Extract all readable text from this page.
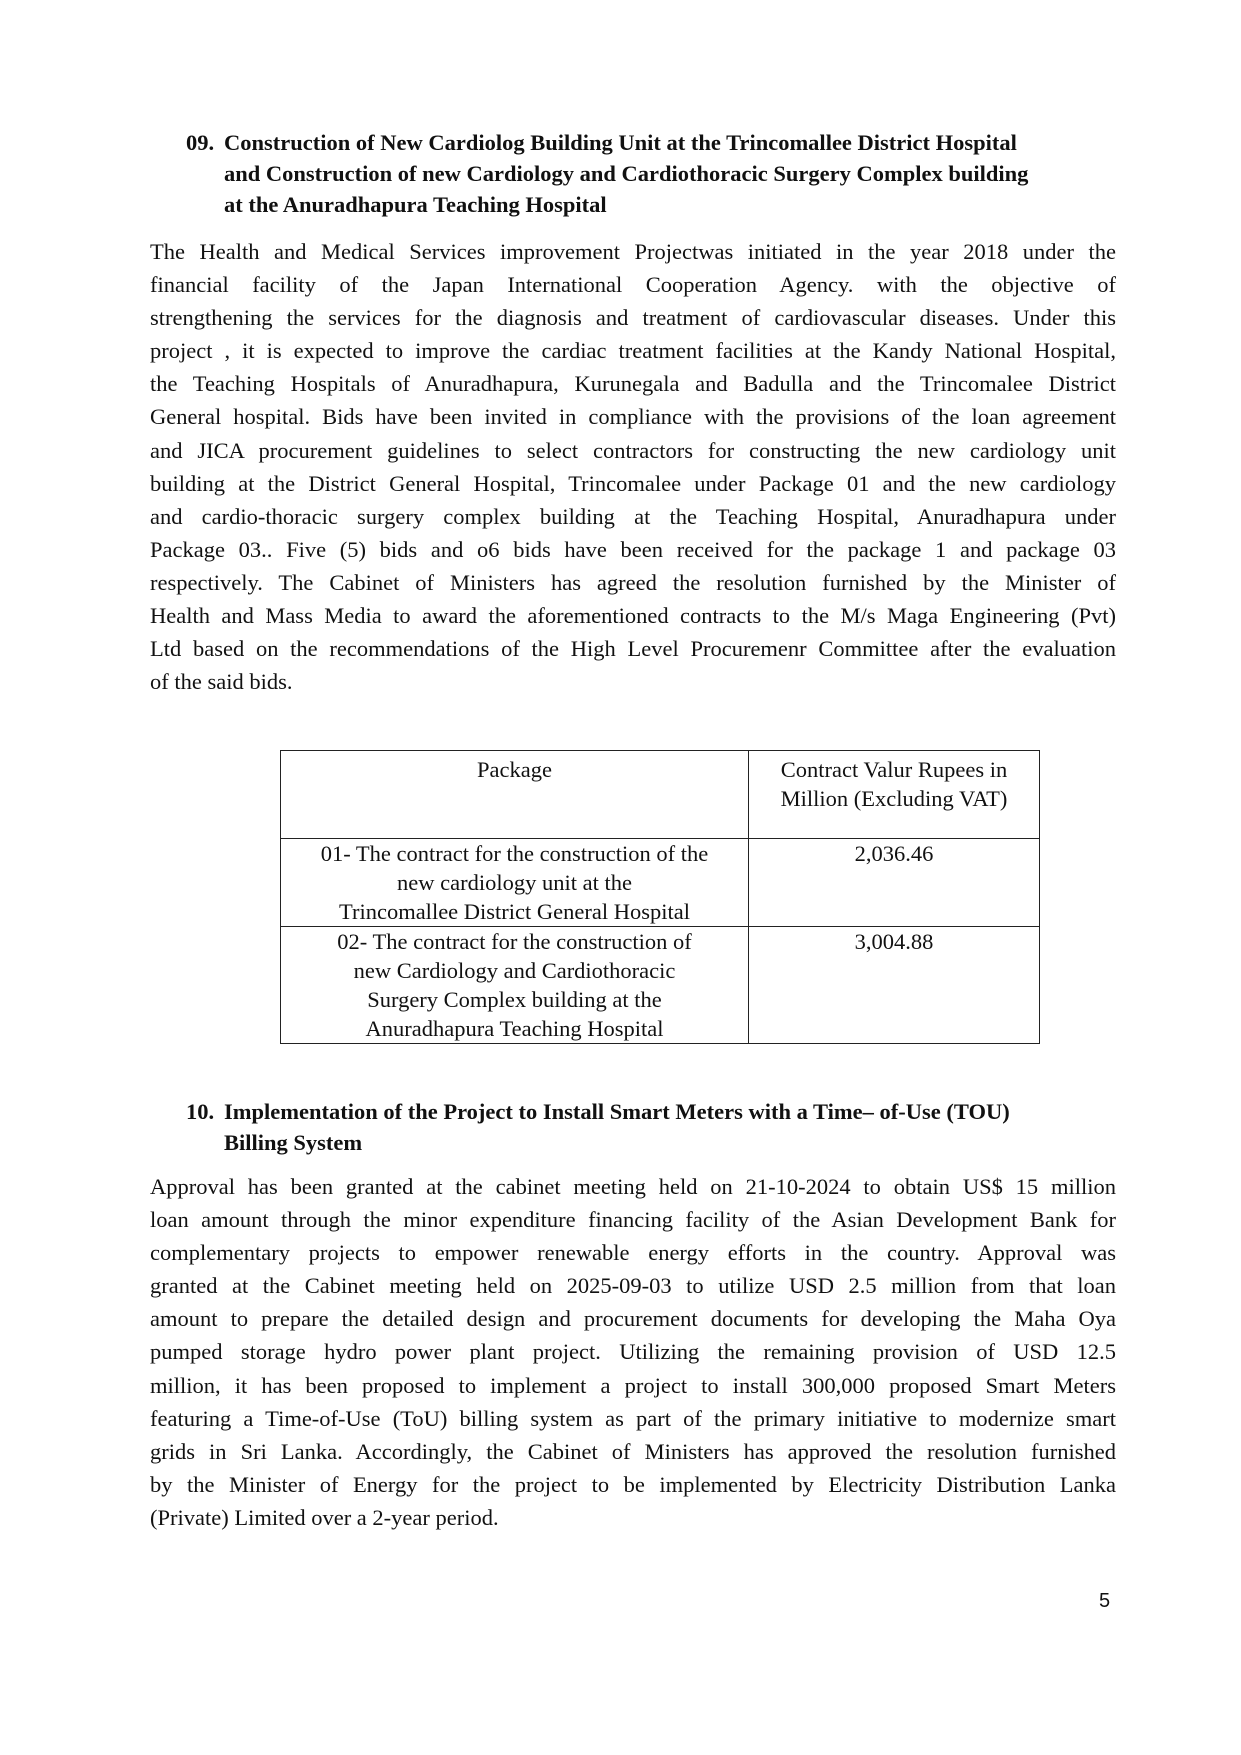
09. Construction of New Cardiolog Building Unit at the Trincomallee District Hospital
and Construction of new Cardiology and Cardiothoracic Surgery Complex building
at the Anuradhapura Teaching Hospital
The Health and Medical Services improvement Projectwas initiated in the year 2018 under the
financial facility of the Japan International Cooperation Agency. with the objective of
strengthening the services for the diagnosis and treatment of cardiovascular diseases. Under this
project , it is expected to improve the cardiac treatment facilities at the Kandy National Hospital,
the Teaching Hospitals of Anuradhapura, Kurunegala and Badulla and the Trincomalee District
General hospital. Bids have been invited in compliance with the provisions of the loan agreement
and JICA procurement guidelines to select contractors for constructing the new cardiology unit
building at the District General Hospital, Trincomalee under Package 01 and the new cardiology
and cardio-thoracic surgery complex building at the Teaching Hospital, Anuradhapura under
Package 03.. Five (5) bids and o6 bids have been received for the package 1 and package 03
respectively. The Cabinet of Ministers has agreed the resolution furnished by the Minister of
Health and Mass Media to award the aforementioned contracts to the M/s Maga Engineering (Pvt)
Ltd based on the recommendations of the High Level Procuremenr Committee after the evaluation
of the said bids.
Package	Contract Valur Rupees in
Million (Excluding VAT)

01- The contract for the construction of the
new cardiology unit at the
Trincomallee District General Hospital	2,036.46

02- The contract for the construction of
new Cardiology and Cardiothoracic
Surgery Complex building at the
Anuradhapura Teaching Hospital	3,004.88
10. Implementation of the Project to Install Smart Meters with a Time– of-Use (TOU)
Billing System
Approval has been granted at the cabinet meeting held on 21-10-2024 to obtain US$ 15 million
loan amount through the minor expenditure financing facility of the Asian Development Bank for
complementary projects to empower renewable energy efforts in the country. Approval was
granted at the Cabinet meeting held on 2025-09-03 to utilize USD 2.5 million from that loan
amount to prepare the detailed design and procurement documents for developing the Maha Oya
pumped storage hydro power plant project. Utilizing the remaining provision of USD 12.5
million, it has been proposed to implement a project to install 300,000 proposed Smart Meters
featuring a Time-of-Use (ToU) billing system as part of the primary initiative to modernize smart
grids in Sri Lanka. Accordingly, the Cabinet of Ministers has approved the resolution furnished
by the Minister of Energy for the project to be implemented by Electricity Distribution Lanka
(Private) Limited over a 2-year period.
5
